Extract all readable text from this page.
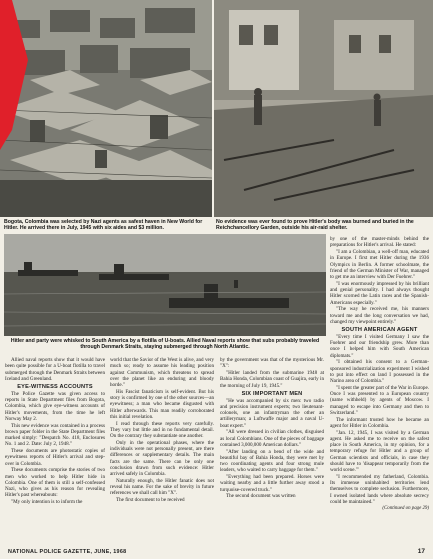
Bogota, Colombia was selected by Nazi agents as safest haven in New World for Hitler. He arrived there in July, 1945 with six aides and $3 million.
No evidence was ever found to prove Hitler's body was burned and buried in the Reichchancellory Garden, outside his air-raid shelter.
Hitler and party were whisked to South America by a flotilla of U-boats. Allied Naval reports show that subs probably traveled through Denmark Straits, staying submerged through North Atlantic.

Allied naval reports show that it would have been quite possible for a U-boat flotilla to travel submerged through the Denmark Straits between Iceland and Greenland.

EYE-WITNESS ACCOUNTS

The Police Gazette was given access to reports in State Department files from Bogota, Colombia, which give eye-witness accounts of Hitler's movements, from the time he left Norway May 2.

This new evidence was contained in a process brown paper folder in the State Department files marked simply: "Despatch No. 418, Enclosures No. 1 and 2. Date: July 2, 1948."

These documents are photostatic copies of eyewitness reports of Hitler's arrival and step-over in Colombia.

These documents comprise the stories of two men who worked to help Hitler hide in Colombia. One of them is still a self-confessed Nazi, who gives as his reason for revealing Hitler's past whereabouts:

"My only intention is to inform the

world that the Savior of the West is alive, and very much so; ready to assume his leading position against Communism, which threatens to spread over the planet like an enduring and bloody horde."

His Fascist fanaticism is self-evident. But his story is confirmed by one of the other sources—an eyewitness; a man who became disgusted with Hitler afterwards. This man readily corroborated this initial revelation.

I read through these reports very carefully. They vary but little and in no fundamental detail. On the contrary they substantiate one another.

Only in the operational phases, where the individuals were not personally present, are there differences or supplementary details. The main facts are the same. There can be only one conclusion drawn from such evidence: Hitler arrived safely in Colombia.

Naturally enough, the Hitler fanatic does not reveal his name. For the sake of brevity in future references we shall call him "X".

The first document to be received

by the government was that of the mysterious Mr. "X":

"Hitler landed from the submarine 1948 at Bahia Honda, Colombian coast of Guajira, early in the morning of July 19, 1945."

SIX IMPORTANT MEN

"He was accompanied by six men: two radio and precision instrument experts; two lieutenant-colonels, one an infantryman the other an artilleryman; a Luftwaffe major and a naval U-boat expert."

"All were dressed in civilian clothes, disguised as local Colombians. One of the pieces of baggage contained 3,000,000 American dollars."

"After landing on a bend of the wide and beautiful bay of Bahia Honda, they were met by two coordinating agents and four strong mule leaders, who waited to carry baggage for them."

"Everything had been prepared. Horses were waiting nearby and a little further away stood a turquoise-covered truck."

The second document was written

by one of the master-minds behind the preparations for Hitler's arrival. He stated:

"I am a Colombian, a well-off man, educated in Europe. I first met Hitler during the 1936 Olympics in Berlin. A former schoolmate, the friend of the German Minister of War, managed to get me an interview with Der Fuehrer."

"I was enormously impressed by his brilliant and genial personality. I had always thought Hitler scorned the Latin races and the Spanish-Americans especially."

"The way he received me, his manners toward me and the long conversation we had, changed my viewpoint entirely."

SOUTH AMERICAN AGENT

"Every time I visited Germany I saw the Fuehrer and our friendship grew. More than once I helped him with South American diplomats."

"I obtained his consent to a German-sponsored industrialization experiment I wished to put into effect on land I possessed in the Narino area of Colombia."

"I spent the greater part of the War in Europe. Once I was presented to a European country (name withheld) by agents of Moscow. I managed to escape into Germany and then to Switzerland."

The informant trusted how he became an agent for Hitler in Colombia.

"Jan. 12, 1945, I was visited by a German agent. He asked me to receive on the safest place in South America, in my opinion, for a temporary refuge for Hitler and a group of German scientists and officials, in case they should have to 'disappear temporarily from the world scene.'"

"I recommended my fatherland, Colombia. Its immense uninhabited territories lend themselves to complete seclusion. Furthermore, I owned isolated lands where absolute secrecy could be maintained."

(Continued on page 29)

NATIONAL POLICE GAZETTE, JUNE, 1968	17
